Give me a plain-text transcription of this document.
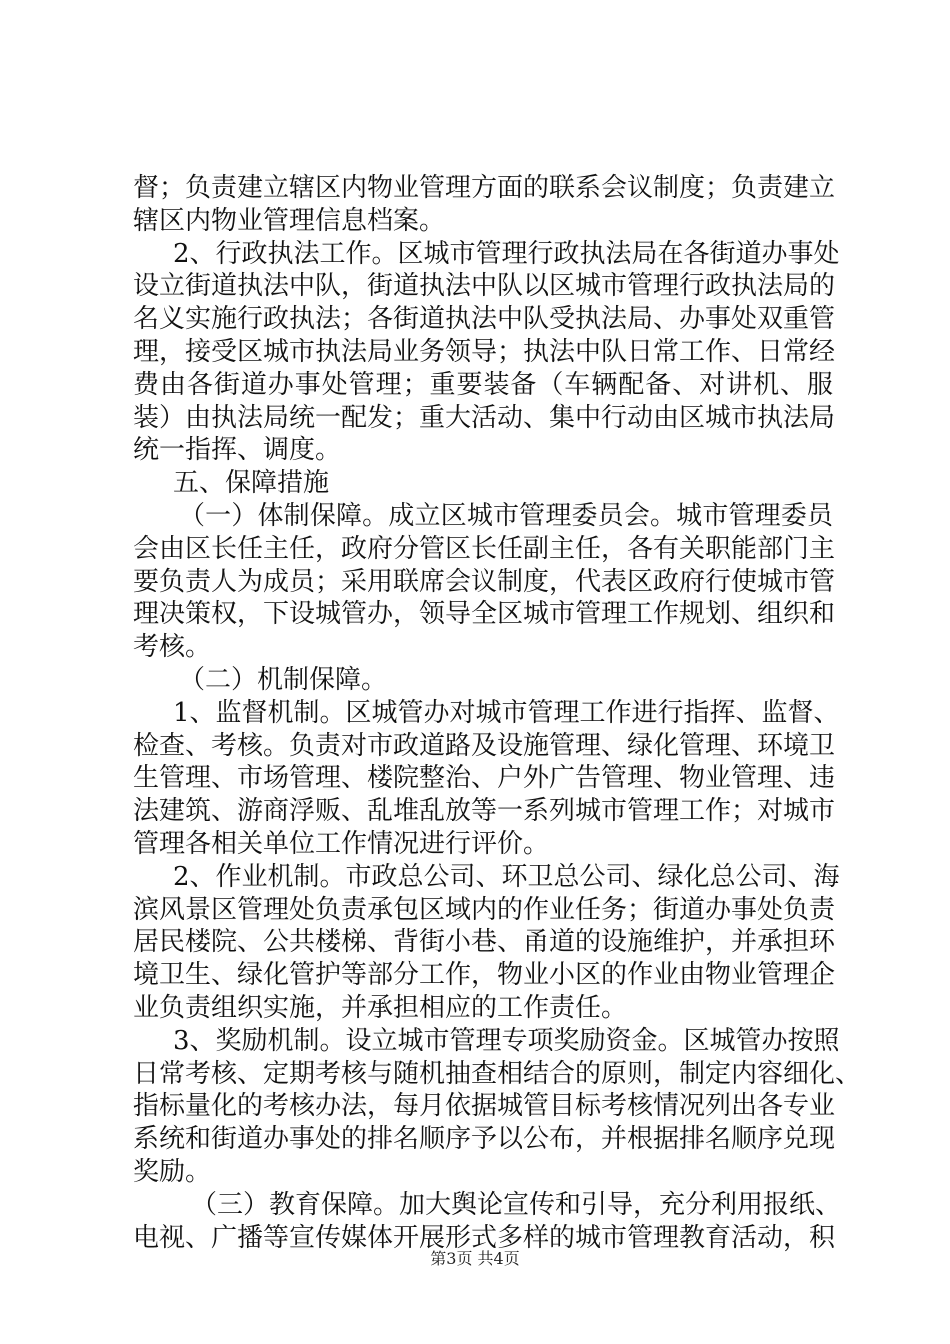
督；负责建立辖区内物业管理方面的联系会议制度；负责建立
辖区内物业管理信息档案。
2、行政执法工作。区城市管理行政执法局在各街道办事处
设立街道执法中队，街道执法中队以区城市管理行政执法局的
名义实施行政执法；各街道执法中队受执法局、办事处双重管
理，接受区城市执法局业务领导；执法中队日常工作、日常经
费由各街道办事处管理；重要装备（车辆配备、对讲机、服
装）由执法局统一配发；重大活动、集中行动由区城市执法局
统一指挥、调度。
五、保障措施
（一）体制保障。成立区城市管理委员会。城市管理委员
会由区长任主任，政府分管区长任副主任，各有关职能部门主
要负责人为成员；采用联席会议制度，代表区政府行使城市管
理决策权，下设城管办，领导全区城市管理工作规划、组织和
考核。
（二）机制保障。
1、监督机制。区城管办对城市管理工作进行指挥、监督、
检查、考核。负责对市政道路及设施管理、绿化管理、环境卫
生管理、市场管理、楼院整治、户外广告管理、物业管理、违
法建筑、游商浮贩、乱堆乱放等一系列城市管理工作；对城市
管理各相关单位工作情况进行评价。
2、作业机制。市政总公司、环卫总公司、绿化总公司、海
滨风景区管理处负责承包区域内的作业任务；街道办事处负责
居民楼院、公共楼梯、背街小巷、甬道的设施维护，并承担环
境卫生、绿化管护等部分工作，物业小区的作业由物业管理企
业负责组织实施，并承担相应的工作责任。
3、奖励机制。设立城市管理专项奖励资金。区城管办按照
日常考核、定期考核与随机抽查相结合的原则，制定内容细化、
指标量化的考核办法，每月依据城管目标考核情况列出各专业
系统和街道办事处的排名顺序予以公布，并根据排名顺序兑现
奖励。
（三）教育保障。加大舆论宣传和引导，充分利用报纸、
电视、广播等宣传媒体开展形式多样的城市管理教育活动，积
第3页 共4页
